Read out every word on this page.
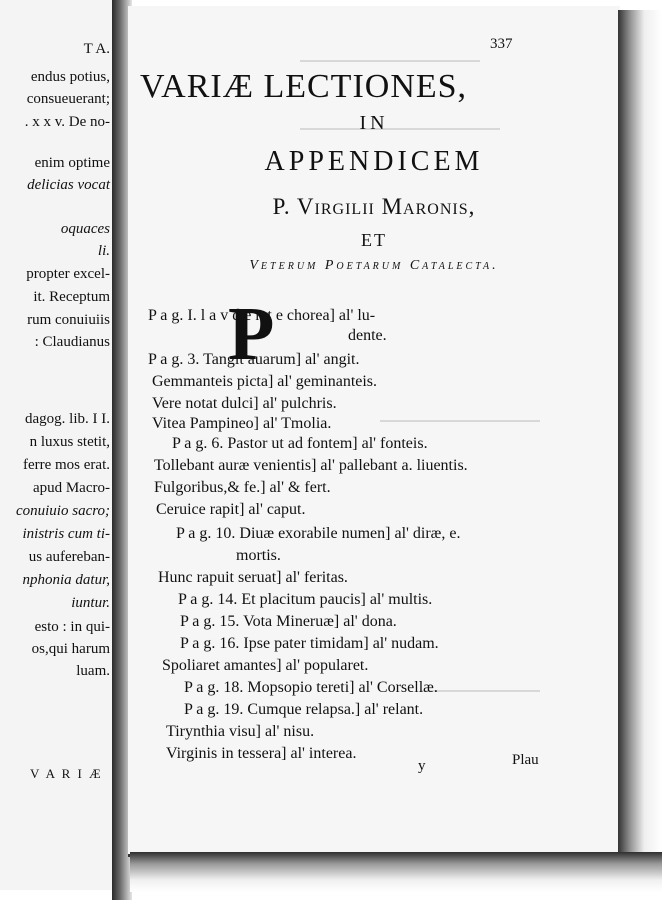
T A.
endus potius,
consueuerant;
. x x v. De no-
enim optime
delicias vocat
oquaces
li.
propter excel-
it. Receptum
rum conuiuiis
: Claudianus
dagog. lib. I I.
n luxus stetit,
ferre mos erat.
apud Macro-
conuiuio sacro;
inistris cum ti-
us aufereban-
nphonia datur,
iuntur.
esto : in qui-
os,qui harum
luam.
V A R I Æ
337
VARIÆ LECTIONES,
IN
APPENDICEM
P. Virgilii Maronis,
ET
Veterum Poetarum Catalecta.
P
P a g. I. l a v d e n t e chorea] al' lu-
dente.
P a g. 3. Tangit auarum] al' angit.
Gemmanteis picta] al' geminanteis.
Vere notat dulci] al' pulchris.
Vitea Pampineo] al' Tmolia.
P a g. 6. Pastor ut ad fontem] al' fonteis.
Tollebant auræ venientis] al' pallebant a. liuentis.
Fulgoribus,& fe.] al' & fert.
Ceruice rapit] al' caput.
P a g. 10. Diuæ exorabile numen] al' diræ, e.
mortis.
Hunc rapuit seruat] al' feritas.
P a g. 14. Et placitum paucis] al' multis.
P a g. 15. Vota Mineruæ] al' dona.
P a g. 16. Ipse pater timidam] al' nudam.
Spoliaret amantes] al' popularet.
P a g. 18. Mopsopio tereti] al' Corsellæ.
P a g. 19. Cumque relapsa.] al' relant.
Tirynthia visu] al' nisu.
Virginis in tessera] al' interea.
y	Plau
